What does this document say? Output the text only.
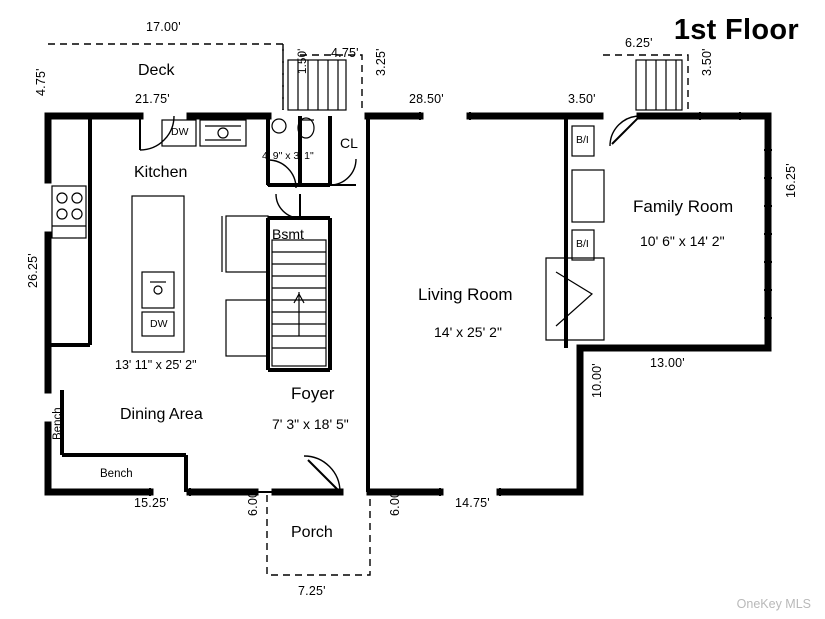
1st Floor
OneKey MLS
17.00'
4.75'
21.75'
1.50' 4.75' 3.25'
28.50'	3.50'
6.25'
3.50'
16.25'
13.00'
26.25'
15.25'	6.00'	6.00'
7.25'
14.75'
10.00'
Deck
Kitchen
13' 11" x 25' 2"
Bsmt
CL
4' 9" x 3' 1"
Living Room
14' x 25' 2"
Family Room
10' 6" x 14' 2"
Foyer
7' 3" x 18' 5"
Dining Area
Porch
DW
DW
B/I
B/I
Bench
Bench
